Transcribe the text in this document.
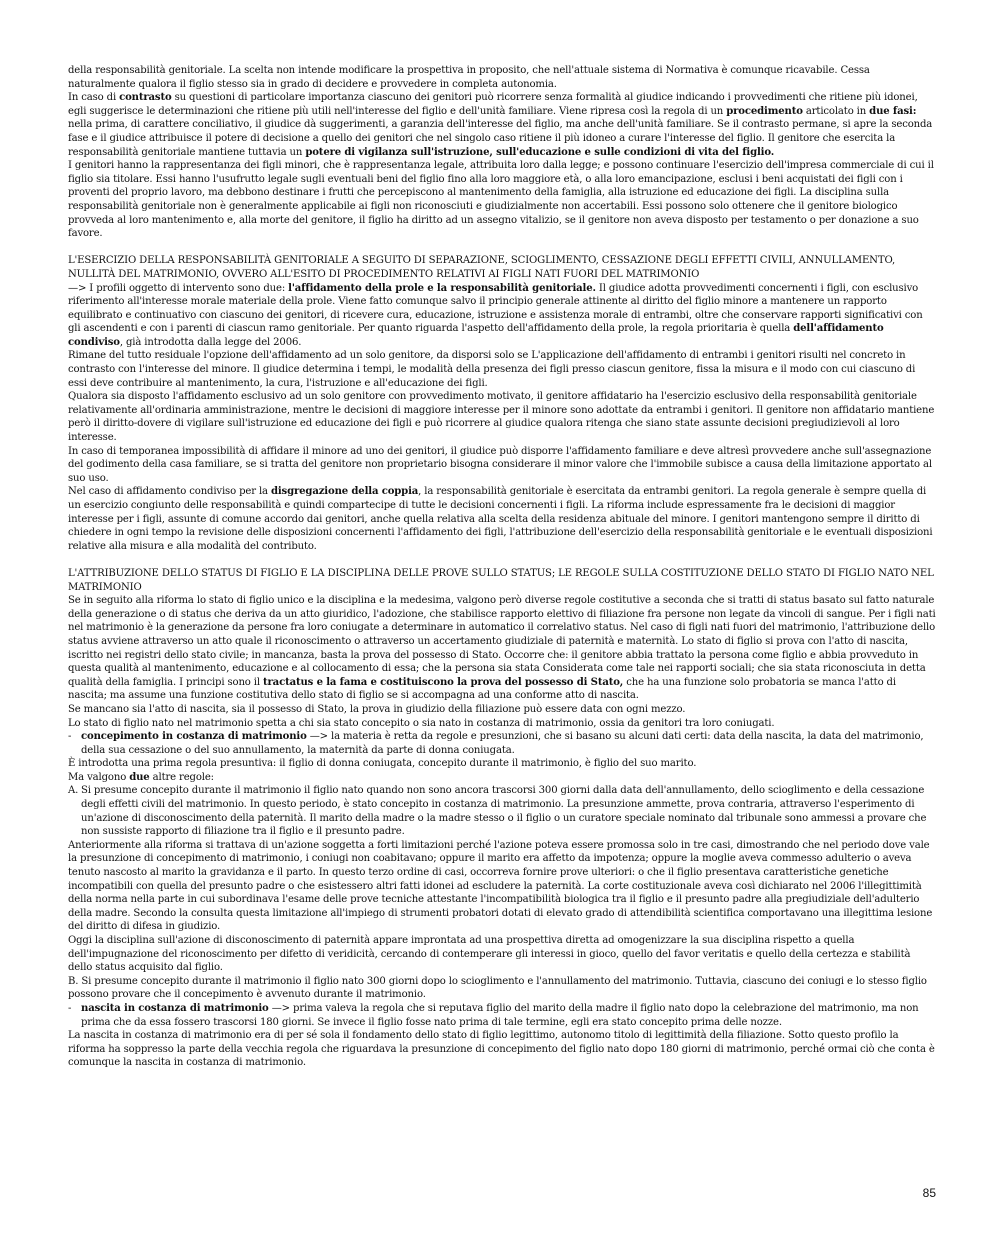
della responsabilità genitoriale. La scelta non intende modificare la prospettiva in proposito, che nell'attuale sistema di Normativa è comunque ricavabile. Cessa naturalmente qualora il figlio stesso sia in grado di decidere e provvedere in completa autonomia.

In caso di contrasto su questioni di particolare importanza ciascuno dei genitori può ricorrere senza formalità al giudice indicando i provvedimenti che ritiene più idonei, egli suggerisce le determinazioni che ritiene più utili nell'interesse del figlio e dell'unità familiare. Viene ripresa così la regola di un procedimento articolato in due fasi: nella prima, di carattere conciliativo, il giudice dà suggerimenti, a garanzia dell'interesse del figlio, ma anche dell'unità familiare. Se il contrasto permane, si apre la seconda fase e il giudice attribuisce il potere di decisione a quello dei genitori che nel singolo caso ritiene il più idoneo a curare l'interesse del figlio. Il genitore che esercita la responsabilità genitoriale mantiene tuttavia un potere di vigilanza sull'istruzione, sull'educazione e sulle condizioni di vita del figlio.

I genitori hanno la rappresentanza dei figli minori, che è rappresentanza legale, attribuita loro dalla legge; e possono continuare l'esercizio dell'impresa commerciale di cui il figlio sia titolare. Essi hanno l'usufrutto legale sugli eventuali beni del figlio fino alla loro maggiore età, o alla loro emancipazione, esclusi i beni acquistati dei figli con i proventi del proprio lavoro, ma debbono destinare i frutti che percepiscono al mantenimento della famiglia, alla istruzione ed educazione dei figli. La disciplina sulla responsabilità genitoriale non è generalmente applicabile ai figli non riconosciuti e giudizialmente non accertabili. Essi possono solo ottenere che il genitore biologico provveda al loro mantenimento e, alla morte del genitore, il figlio ha diritto ad un assegno vitalizio, se il genitore non aveva disposto per testamento o per donazione a suo favore.

L'ESERCIZIO DELLA RESPONSABILITÀ GENITORIALE A SEGUITO DI SEPARAZIONE, SCIOGLIMENTO, CESSAZIONE DEGLI EFFETTI CIVILI, ANNULLAMENTO, NULLITÀ DEL MATRIMONIO, OVVERO ALL'ESITO DI PROCEDIMENTO RELATIVI AI FIGLI NATI FUORI DEL MATRIMONIO

—> I profili oggetto di intervento sono due: l'affidamento della prole e la responsabilità genitoriale. Il giudice adotta provvedimenti concernenti i figli, con esclusivo riferimento all'interesse morale materiale della prole. Viene fatto comunque salvo il principio generale attinente al diritto del figlio minore a mantenere un rapporto equilibrato e continuativo con ciascuno dei genitori, di ricevere cura, educazione, istruzione e assistenza morale di entrambi, oltre che conservare rapporti significativi con gli ascendenti e con i parenti di ciascun ramo genitoriale. Per quanto riguarda l'aspetto dell'affidamento della prole, la regola prioritaria è quella dell'affidamento condiviso, già introdotta dalla legge del 2006.

Rimane del tutto residuale l'opzione dell'affidamento ad un solo genitore, da disporsi solo se L'applicazione dell'affidamento di entrambi i genitori risulti nel concreto in contrasto con l'interesse del minore. Il giudice determina i tempi, le modalità della presenza dei figli presso ciascun genitore, fissa la misura e il modo con cui ciascuno di essi deve contribuire al mantenimento, la cura, l'istruzione e all'educazione dei figli.

Qualora sia disposto l'affidamento esclusivo ad un solo genitore con provvedimento motivato, il genitore affidatario ha l'esercizio esclusivo della responsabilità genitoriale relativamente all'ordinaria amministrazione, mentre le decisioni di maggiore interesse per il minore sono adottate da entrambi i genitori. Il genitore non affidatario mantiene però il diritto-dovere di vigilare sull'istruzione ed educazione dei figli e può ricorrere al giudice qualora ritenga che siano state assunte decisioni pregiudizievoli al loro interesse.

In caso di temporanea impossibilità di affidare il minore ad uno dei genitori, il giudice può disporre l'affidamento familiare e deve altresì provvedere anche sull'assegnazione del godimento della casa familiare, se si tratta del genitore non proprietario bisogna considerare il minor valore che l'immobile subisce a causa della limitazione apportato al suo uso.

Nel caso di affidamento condiviso per la disgregazione della coppia, la responsabilità genitoriale è esercitata da entrambi genitori. La regola generale è sempre quella di un esercizio congiunto delle responsabilità e quindi compartecipe di tutte le decisioni concernenti i figli. La riforma include espressamente fra le decisioni di maggior interesse per i figli, assunte di comune accordo dai genitori, anche quella relativa alla scelta della residenza abituale del minore. I genitori mantengono sempre il diritto di chiedere in ogni tempo la revisione delle disposizioni concernenti l'affidamento dei figli, l'attribuzione dell'esercizio della responsabilità genitoriale e le eventuali disposizioni relative alla misura e alla modalità del contributo.

L'ATTRIBUZIONE DELLO STATUS DI FIGLIO E LA DISCIPLINA DELLE PROVE SULLO STATUS; LE REGOLE SULLA COSTITUZIONE DELLO STATO DI FIGLIO NATO NEL MATRIMONIO

Se in seguito alla riforma lo stato di figlio unico e la disciplina e la medesima, valgono però diverse regole costitutive a seconda che si tratti di status basato sul fatto naturale della generazione o di status che deriva da un atto giuridico, l'adozione, che stabilisce rapporto elettivo di filiazione fra persone non legate da vincoli di sangue. Per i figli nati nel matrimonio è la generazione da persone fra loro coniugate a determinare in automatico il correlativo status. Nel caso di figli nati fuori del matrimonio, l'attribuzione dello status avviene attraverso un atto quale il riconoscimento o attraverso un accertamento giudiziale di paternità e maternità. Lo stato di figlio si prova con l'atto di nascita, iscritto nei registri dello stato civile; in mancanza, basta la prova del possesso di Stato. Occorre che: il genitore abbia trattato la persona come figlio e abbia provveduto in questa qualità al mantenimento, educazione e al collocamento di essa; che la persona sia stata Considerata come tale nei rapporti sociali; che sia stata riconosciuta in detta qualità della famiglia. I principi sono il tractatus e la fama e costituiscono la prova del possesso di Stato, che ha una funzione solo probatoria se manca l'atto di nascita; ma assume una funzione costitutiva dello stato di figlio se si accompagna ad una conforme atto di nascita.

Se mancano sia l'atto di nascita, sia il possesso di Stato, la prova in giudizio della filiazione può essere data con ogni mezzo.

Lo stato di figlio nato nel matrimonio spetta a chi sia stato concepito o sia nato in costanza di matrimonio, ossia da genitori tra loro coniugati.

- concepimento in costanza di matrimonio —> la materia è retta da regole e presunzioni, che si basano su alcuni dati certi: data della nascita, la data del matrimonio, della sua cessazione o del suo annullamento, la maternità da parte di donna coniugata.

È introdotta una prima regola presuntiva: il figlio di donna coniugata, concepito durante il matrimonio, è figlio del suo marito.

Ma valgono due altre regole:

A. Si presume concepito durante il matrimonio il figlio nato quando non sono ancora trascorsi 300 giorni dalla data dell'annullamento, dello scioglimento e della cessazione degli effetti civili del matrimonio. In questo periodo, è stato concepito in costanza di matrimonio. La presunzione ammette, prova contraria, attraverso l'esperimento di un'azione di disconoscimento della paternità. Il marito della madre o la madre stesso o il figlio o un curatore speciale nominato dal tribunale sono ammessi a provare che non sussiste rapporto di filiazione tra il figlio e il presunto padre.

Anteriormente alla riforma si trattava di un'azione soggetta a forti limitazioni perché l'azione poteva essere promossa solo in tre casi, dimostrando che nel periodo dove vale la presunzione di concepimento di matrimonio, i coniugi non coabitavano; oppure il marito era affetto da impotenza; oppure la moglie aveva commesso adulterio o aveva tenuto nascosto al marito la gravidanza e il parto. In questo terzo ordine di casi, occorreva fornire prove ulteriori: o che il figlio presentava caratteristiche genetiche incompatibili con quella del presunto padre o che esistessero altri fatti idonei ad escludere la paternità. La corte costituzionale aveva così dichiarato nel 2006 l'illegittimità della norma nella parte in cui subordinava l'esame delle prove tecniche attestante l'incompatibilità biologica tra il figlio e il presunto padre alla pregiudiziale dell'adulterio della madre. Secondo la consulta questa limitazione all'impiego di strumenti probatori dotati di elevato grado di attendibilità scientifica comportavano una illegittima lesione del diritto di difesa in giudizio.

Oggi la disciplina sull'azione di disconoscimento di paternità appare improntata ad una prospettiva diretta ad omogenizzare la sua disciplina rispetto a quella dell'impugnazione del riconoscimento per difetto di veridicità, cercando di contemperare gli interessi in gioco, quello del favor veritatis e quello della certezza e stabilità dello status acquisito dal figlio.

B. Si presume concepito durante il matrimonio il figlio nato 300 giorni dopo lo scioglimento e l'annullamento del matrimonio. Tuttavia, ciascuno dei coniugi e lo stesso figlio possono provare che il concepimento è avvenuto durante il matrimonio.

- nascita in costanza di matrimonio —> prima valeva la regola che si reputava figlio del marito della madre il figlio nato dopo la celebrazione del matrimonio, ma non prima che da essa fossero trascorsi 180 giorni. Se invece il figlio fosse nato prima di tale termine, egli era stato concepito prima delle nozze.

La nascita in costanza di matrimonio era di per sé sola il fondamento dello stato di figlio legittimo, autonomo titolo di legittimità della filiazione. Sotto questo profilo la riforma ha soppresso la parte della vecchia regola che riguardava la presunzione di concepimento del figlio nato dopo 180 giorni di matrimonio, perché ormai ciò che conta è comunque la nascita in costanza di matrimonio.

85
